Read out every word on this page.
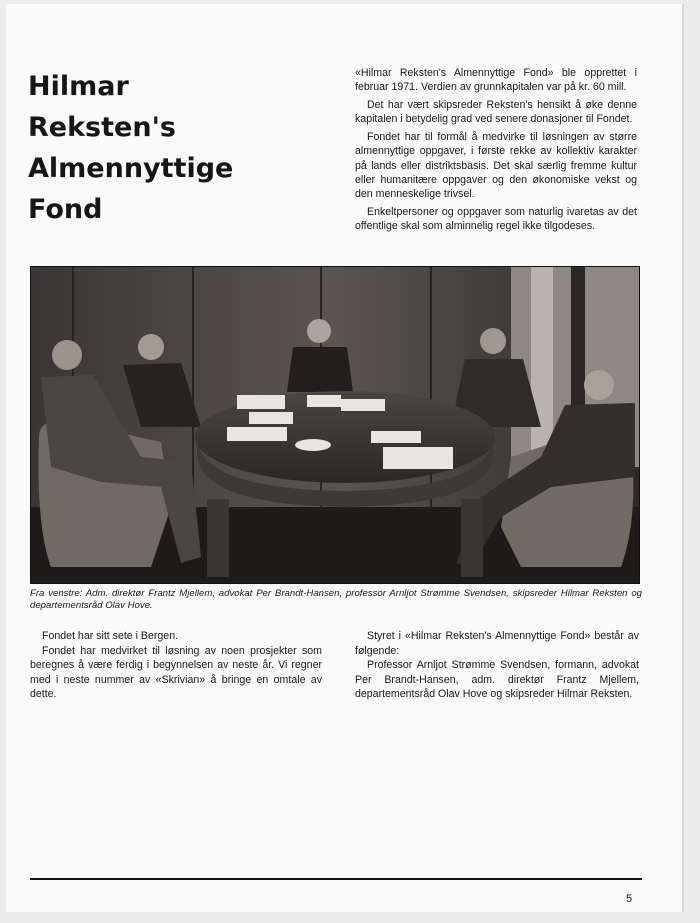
Hilmar
Reksten's
Almennyttige
Fond

«Hilmar Reksten's Almennyttige Fond» ble opprettet i februar 1971. Verdien av grunnkapitalen var på kr. 60 mill.

Det har vært skipsreder Reksten's hensikt å øke denne kapitalen i betydelig grad ved senere donasjoner til Fondet.

Fondet har til formål å medvirke til løsningen av større almennyttige oppgaver, i første rekke av kollektiv karakter på lands eller distriktsbasis. Det skal særlig fremme kultur eller humanitære oppgaver og den økonomiske vekst og den menneskelige trivsel.

Enkeltpersoner og oppgaver som naturlig ivaretas av det offentlige skal som alminnelig regel ikke tilgodeses.

Fra venstre: Adm. direktør Frantz Mjellem, advokat Per Brandt-Hansen, professor Arnljot Strømme Svendsen, skipsreder Hilmar Reksten og departementsråd Olav Hove.

Fondet har sitt sete i Bergen.

Fondet har medvirket til løsning av noen prosjekter som beregnes å være ferdig i begynnelsen av neste år. Vi regner med i neste nummer av «Skrivian» å bringe en omtale av dette.

Styret i «Hilmar Reksten's Almennyttige Fond» består av følgende:

Professor Arnljot Strømme Svendsen, formann, advokat Per Brandt-Hansen, adm. direktør Frantz Mjellem, departementsråd Olav Hove og skipsreder Hilmar Reksten.

5
